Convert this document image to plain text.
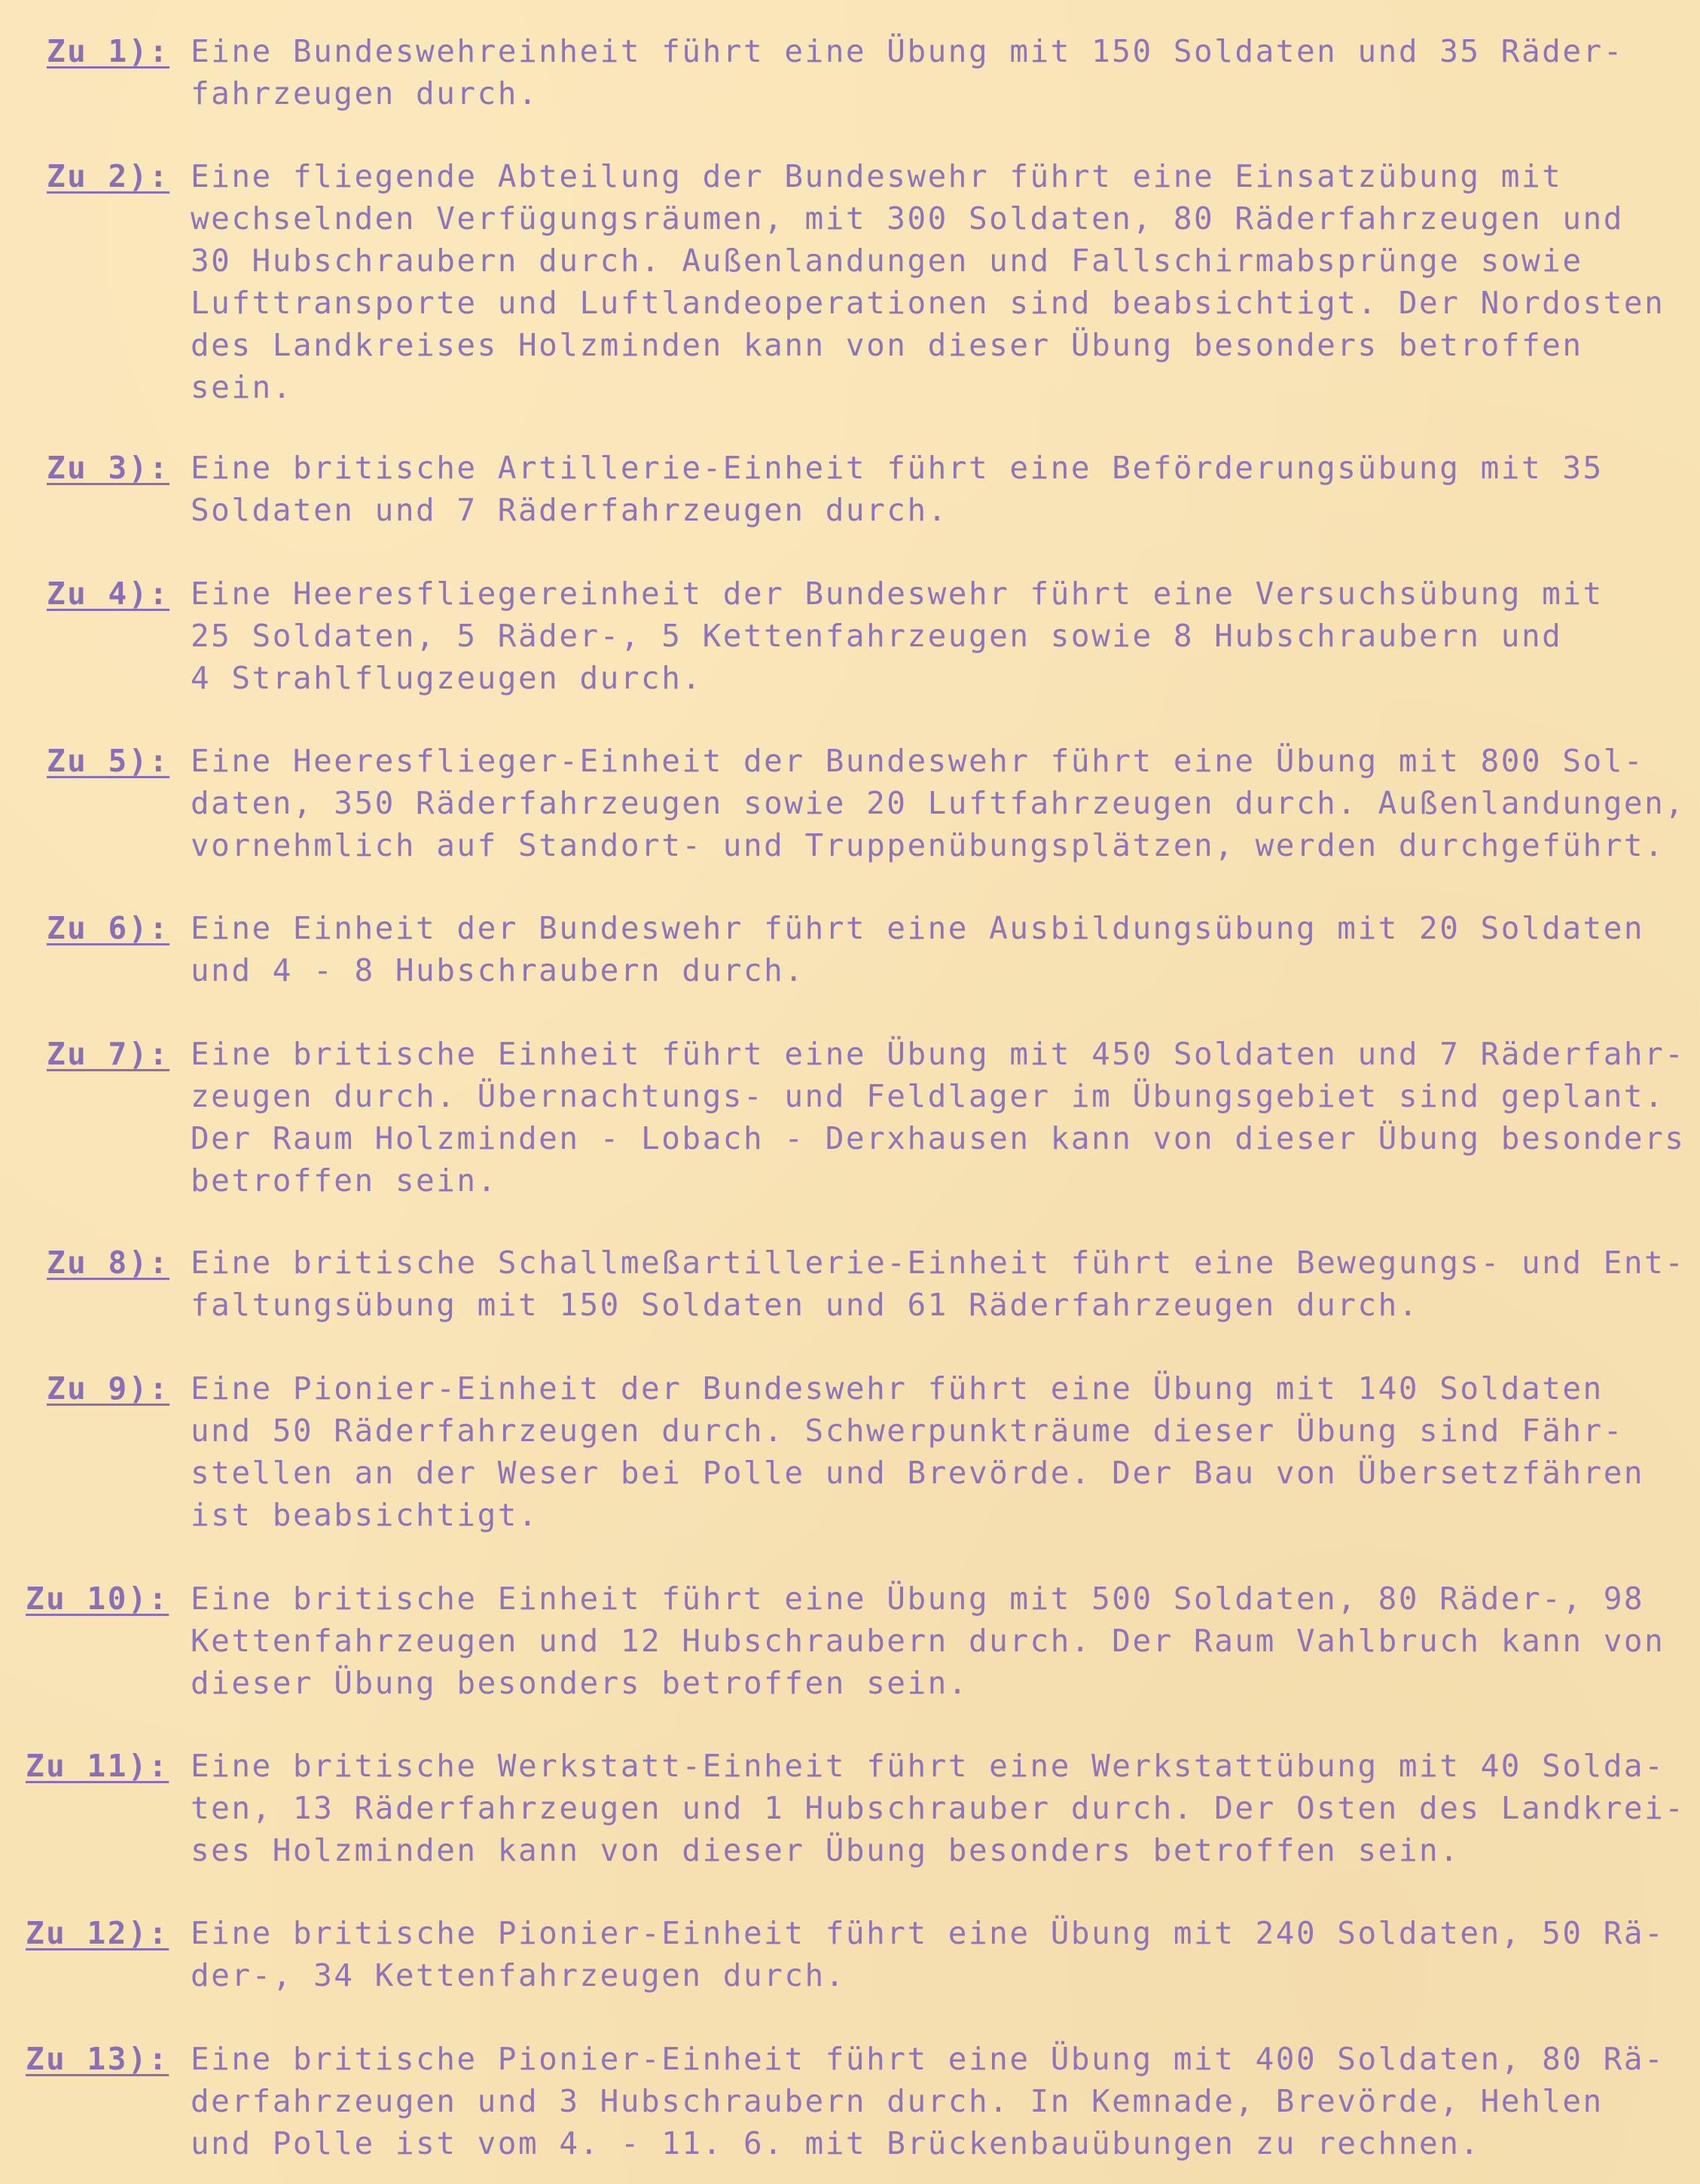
Zu 1): Eine Bundeswehreinheit führt eine Übung mit 150 Soldaten und 35 Räder-
fahrzeugen durch.
Zu 2): Eine fliegende Abteilung der Bundeswehr führt eine Einsatzübung mit
wechselnden Verfügungsräumen, mit 300 Soldaten, 80 Räderfahrzeugen und
30 Hubschraubern durch. Außenlandungen und Fallschirmabsprünge sowie
Lufttransporte und Luftlandeoperationen sind beabsichtigt. Der Nordosten
des Landkreises Holzminden kann von dieser Übung besonders betroffen
sein.
Zu 3): Eine britische Artillerie-Einheit führt eine Beförderungsübung mit 35
Soldaten und 7 Räderfahrzeugen durch.
Zu 4): Eine Heeresfliegereinheit der Bundeswehr führt eine Versuchsübung mit
25 Soldaten, 5 Räder-, 5 Kettenfahrzeugen sowie 8 Hubschraubern und
4 Strahlflugzeugen durch.
Zu 5): Eine Heeresflieger-Einheit der Bundeswehr führt eine Übung mit 800 Sol-
daten, 350 Räderfahrzeugen sowie 20 Luftfahrzeugen durch. Außenlandungen,
vornehmlich auf Standort- und Truppenübungsplätzen, werden durchgeführt.
Zu 6): Eine Einheit der Bundeswehr führt eine Ausbildungsübung mit 20 Soldaten
und 4 - 8 Hubschraubern durch.
Zu 7): Eine britische Einheit führt eine Übung mit 450 Soldaten und 7 Räderfahr-
zeugen durch. Übernachtungs- und Feldlager im Übungsgebiet sind geplant.
Der Raum Holzminden - Lobach - Derxhausen kann von dieser Übung besonders
betroffen sein.
Zu 8): Eine britische Schallmeßartillerie-Einheit führt eine Bewegungs- und Ent-
faltungsübung mit 150 Soldaten und 61 Räderfahrzeugen durch.
Zu 9): Eine Pionier-Einheit der Bundeswehr führt eine Übung mit 140 Soldaten
und 50 Räderfahrzeugen durch. Schwerpunkträume dieser Übung sind Fähr-
stellen an der Weser bei Polle und Brevörde. Der Bau von Übersetzfähren
ist beabsichtigt.
Zu 10): Eine britische Einheit führt eine Übung mit 500 Soldaten, 80 Räder-, 98
Kettenfahrzeugen und 12 Hubschraubern durch. Der Raum Vahlbruch kann von
dieser Übung besonders betroffen sein.
Zu 11): Eine britische Werkstatt-Einheit führt eine Werkstattübung mit 40 Solda-
ten, 13 Räderfahrzeugen und 1 Hubschrauber durch. Der Osten des Landkrei-
ses Holzminden kann von dieser Übung besonders betroffen sein.
Zu 12): Eine britische Pionier-Einheit führt eine Übung mit 240 Soldaten, 50 Rä-
der-, 34 Kettenfahrzeugen durch.
Zu 13): Eine britische Pionier-Einheit führt eine Übung mit 400 Soldaten, 80 Rä-
derfahrzeugen und 3 Hubschraubern durch. In Kemnade, Brevörde, Hehlen
und Polle ist vom 4. - 11. 6. mit Brückenbauübungen zu rechnen.
